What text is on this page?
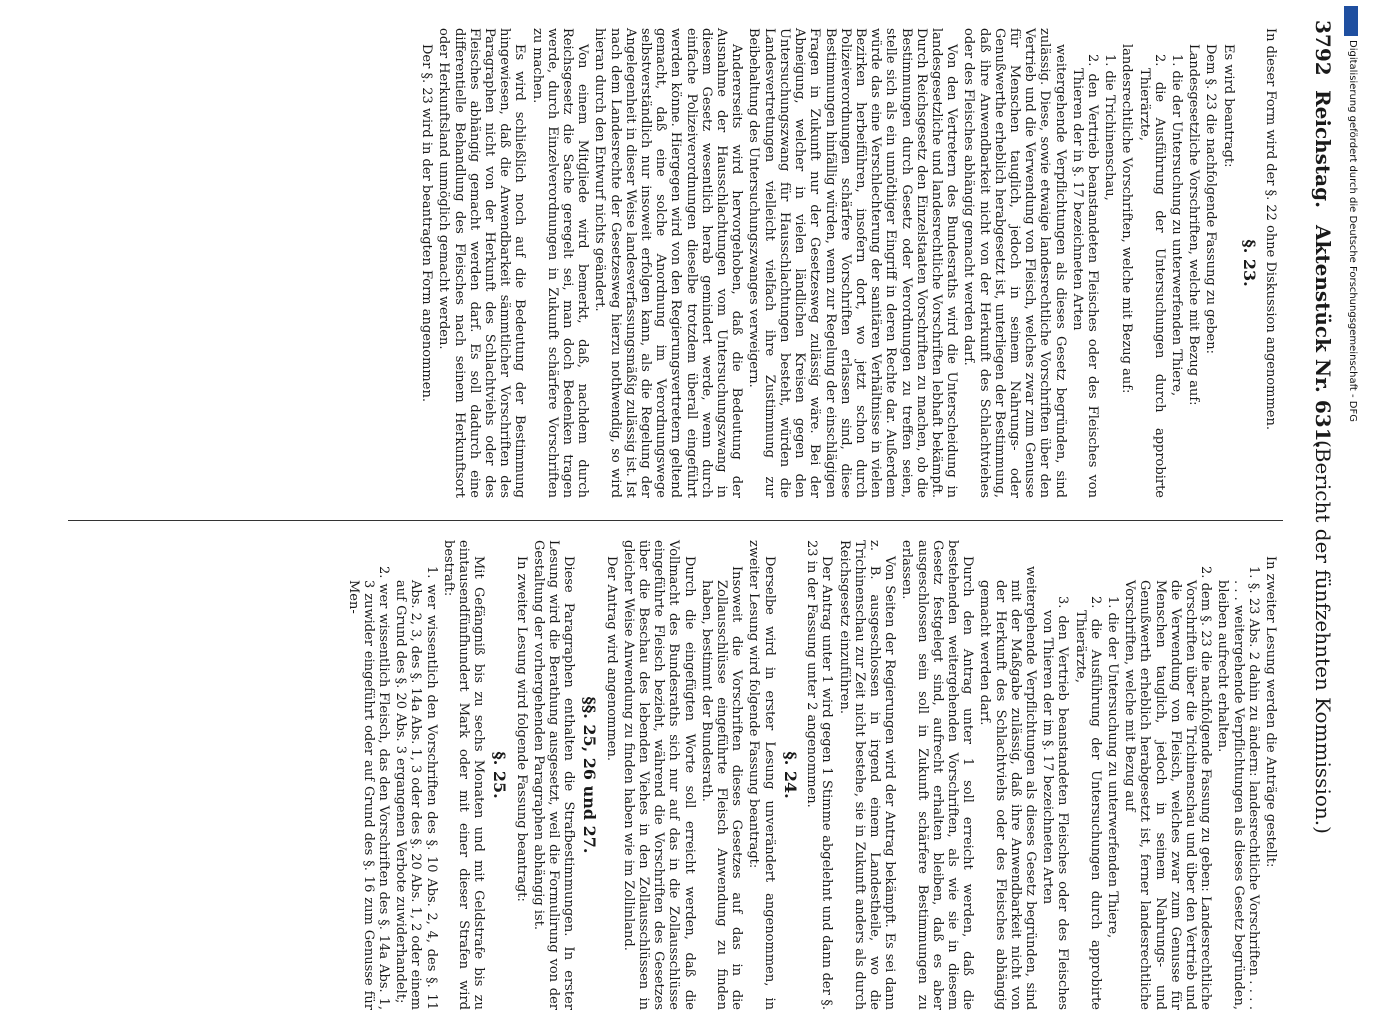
3792
Reichstag.
Aktenstück Nr. 631.
(Bericht der fünfzehnten Kommission.)

In dieser Form wird der §. 22 ohne Diskussion angenommen.

§. 23.

Es wird beantragt:

Dem §. 23 die nachfolgende Fassung zu geben:

Landesgesetzliche Vorschriften, welche mit Bezug auf:

1. die der Untersuchung zu unterwerfenden Thiere,

2. die Ausführung der Untersuchungen durch approbirte Thierärzte,

landesrechtliche Vorschriften, welche mit Bezug auf:

1. die Trichinenschau,

2. den Vertrieb beanstandeten Fleisches oder des Fleisches von Thieren der in §. 17 bezeichneten Arten

weitergehende Verpflichtungen als dieses Gesetz begründen, sind zulässig. Diese, sowie etwaige landesrechtliche Vorschriften über den Vertrieb und die Verwendung von Fleisch, welches zwar zum Genusse für Menschen tauglich, jedoch in seinem Nahrungs- oder Genußwerthe erheblich herabgesetzt ist, unterliegen der Bestimmung, daß ihre Anwendbarkeit nicht von der Herkunft des Schlachtviehes oder des Fleisches abhängig gemacht werden darf.

Von den Vertretern des Bundesraths wird die Unterscheidung in landesgesetzliche und landesrechtliche Vorschriften lebhaft bekämpft. Durch Reichsgesetz den Einzelstaaten Vorschriften zu machen, ob die Bestimmungen durch Gesetz oder Verordnungen zu treffen seien, stelle sich als ein unnöthiger Eingriff in deren Rechte dar. Außerdem würde das eine Verschlechterung der sanitären Verhältnisse in vielen Bezirken herbeiführen, insofern dort, wo jetzt schon durch Polizeiverordnungen schärfere Vorschriften erlassen sind, diese Bestimmungen hinfällig würden, wenn zur Regelung der einschlägigen Fragen in Zukunft nur der Gesetzesweg zulässig wäre. Bei der Abneigung, welcher in vielen ländlichen Kreisen gegen den Untersuchungszwang für Hausschlachtungen besteht, würden die Landesvertretungen vielleicht vielfach ihre Zustimmung zur Beibehaltung des Untersuchungszwanges verweigern.

Andererseits wird hervorgehoben, daß die Bedeutung der Ausnahme der Hausschlachtungen vom Untersuchungszwang in diesem Gesetz wesentlich herab gemindert werde, wenn durch einfache Polizeiverordnungen dieselbe trotzdem überall eingeführt werden könne. Hiergegen wird von den Regierungsvertretern geltend gemacht, daß eine solche Anordnung im Verordnungswege selbstverständlich nur insoweit erfolgen kann, als die Regelung der Angelegenheit in dieser Weise landesverfassungsmäßig zulässig ist. Ist nach dem Landesrechte der Gesetzesweg hierzu nothwendig, so wird hieran durch den Entwurf nichts geändert.

Von einem Mitgliede wird bemerkt, daß, nachdem durch Reichsgesetz die Sache geregelt sei, man doch Bedenken tragen werde, durch Einzelverordnungen in Zukunft schärfere Vorschriften zu machen.

Es wird schließlich noch auf die Bedeutung der Bestimmung hingewiesen, daß die Anwendbarkeit sämmtlicher Vorschriften des Paragraphen nicht von der Herkunft des Schlachtviehs oder des Fleisches abhängig gemacht werden darf. Es soll dadurch eine differentielle Behandlung des Fleisches nach seinem Herkunftsort oder Herkunftsland unmöglich gemacht werden.

Der §. 23 wird in der beantragten Form angenommen.

In zweiter Lesung werden die Anträge gestellt:

1. §. 23 Abs. 2 dahin zu ändern: landesrechtliche Vorschriften . . . . . . . weitergehende Verpflichtungen als dieses Gesetz begründen, bleiben aufrecht erhalten.

2. dem §. 23 die nachfolgende Fassung zu geben: Landesrechtliche Vorschriften über die Trichinenschau und über den Vertrieb und die Verwendung von Fleisch, welches zwar zum Genusse für Menschen tauglich, jedoch in seinem Nahrungs- und Genußwerth erheblich herabgesetzt ist, ferner landesrechtliche Vorschriften, welche mit Bezug auf

1. die der Untersuchung zu unterwerfenden Thiere,

2. die Ausführung der Untersuchungen durch approbirte Thierärzte,

3. den Vertrieb beanstandeten Fleisches oder des Fleisches von Thieren der im §. 17 bezeichneten Arten

weitergehende Verpflichtungen als dieses Gesetz begründen, sind mit der Maßgabe zulässig, daß ihre Anwendbarkeit nicht von der Herkunft des Schlachtviehs oder des Fleisches abhängig gemacht werden darf.

Durch den Antrag unter 1 soll erreicht werden, daß die bestehenden weitergehenden Vorschriften, als wie sie in diesem Gesetz festgelegt sind, aufrecht erhalten bleiben, daß es aber ausgeschlossen sein soll in Zukunft schärfere Bestimmungen zu erlassen.

Von Seiten der Regierungen wird der Antrag bekämpft. Es sei dann z. B. ausgeschlossen in irgend einem Landestheile, wo die Trichinenschau zur Zeit nicht bestehe, sie in Zukunft anders als durch Reichsgesetz einzuführen.

Der Antrag unter 1 wird gegen 1 Stimme abgelehnt und dann der §. 23 in der Fassung unter 2 angenommen.

§. 24.

Derselbe wird in erster Lesung unverändert angenommen, in zweiter Lesung wird folgende Fassung beantragt:

Insoweit die Vorschriften dieses Gesetzes auf das in die Zollausschlüsse eingeführte Fleisch Anwendung zu finden haben, bestimmt der Bundesrath.

Durch die eingefügten Worte soll erreicht werden, daß die Vollmacht des Bundesraths sich nur auf das in die Zollausschlüsse eingeführte Fleisch bezieht, während die Vorschriften des Gesetzes über die Beschau des lebenden Viehes in den Zollausschlüssen in gleicher Weise Anwendung zu finden haben wie im Zollinland.

Der Antrag wird angenommen.

§§. 25, 26 und 27.

Diese Paragraphen enthalten die Strafbestimmungen. In erster Lesung wird die Berathung ausgesetzt, weil die Formulirung von der Gestaltung der vorhergehenden Paragraphen abhängig ist.

In zweiter Lesung wird folgende Fassung beantragt:

§. 25.

Mit Gefängniß bis zu sechs Monaten und mit Geldstrafe bis zu eintausendfünfhundert Mark oder mit einer dieser Strafen wird bestraft:

1. wer wissentlich den Vorschriften des §. 10 Abs. 2, 4, des §. 11 Abs. 2, 3, des §. 14a Abs. 1, 3 oder des §. 20 Abs. 1, 2 oder einem auf Grund des §. 20 Abs. 3 ergangenen Verbote zuwiderhandelt;

2. wer wissentlich Fleisch, das den Vorschriften des §. 14a Abs. 1, 3 zuwider eingeführt oder auf Grund des §. 16 zum Genusse für Men-

Digitalisierung gefördert durch die Deutsche Forschungsgemeinschaft - DFG
